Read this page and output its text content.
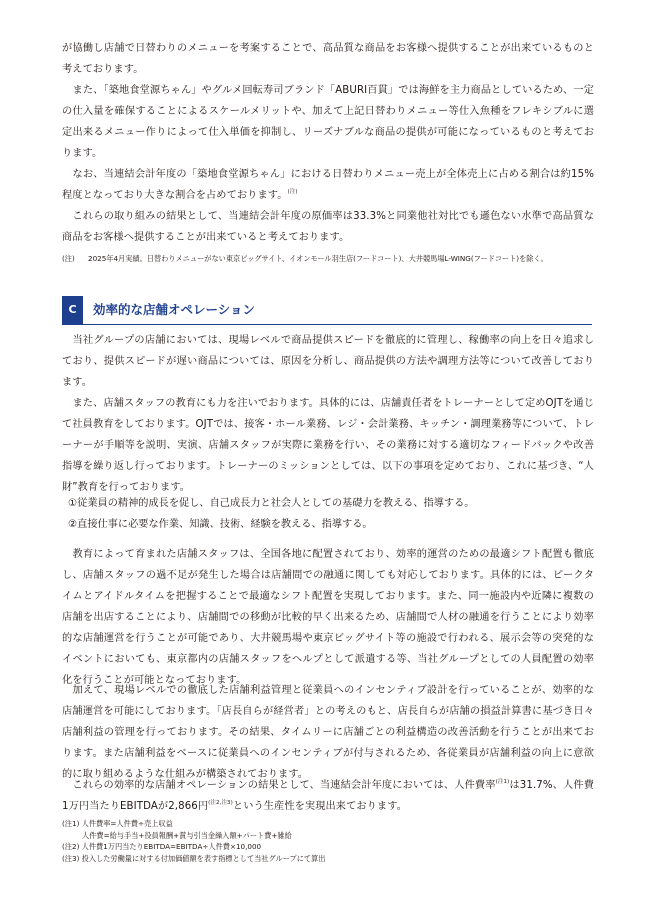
が協働し店舗で日替わりのメニューを考案することで、高品質な商品をお客様へ提供することが出来ているものと考えております。

また、「築地食堂源ちゃん」やグルメ回転寿司ブランド「ABURI百貫」では海鮮を主力商品としているため、一定の仕入量を確保することによるスケールメリットや、加えて上記日替わりメニュー等仕入魚種をフレキシブルに選定出来るメニュー作りによって仕入単価を抑制し、リーズナブルな商品の提供が可能になっているものと考えております。

なお、当連結会計年度の「築地食堂源ちゃん」における日替わりメニュー売上が全体売上に占める割合は約15%程度となっており大きな割合を占めております。$^{(注)}$

これらの取り組みの結果として、当連結会計年度の原価率は33.3%と同業他社対比でも遜色ない水準で高品質な商品をお客様へ提供することが出来ていると考えております。

(注) 2025年4月実績。日替わりメニューがない東京ビッグサイト、イオンモール羽生店(フードコート)、大井競馬場L-WING(フードコート)を除く。
C	効率的な店舗オペレーション

当社グループの店舗においては、現場レベルで商品提供スピードを徹底的に管理し、稼働率の向上を日々追求しており、提供スピードが遅い商品については、原因を分析し、商品提供の方法や調理方法等について改善しております。

また、店舗スタッフの教育にも力を注いでおります。具体的には、店舗責任者をトレーナーとして定めOJTを通じて社員教育をしております。OJTでは、接客・ホール業務、レジ・会計業務、キッチン・調理業務等について、トレーナーが手順等を説明、実演、店舗スタッフが実際に業務を行い、その業務に対する適切なフィードバックや改善指導を繰り返し行っております。トレーナーのミッションとしては、以下の事項を定めており、これに基づき、“人財”教育を行っております。

①従業員の精神的成長を促し、自己成長力と社会人としての基礎力を教える、指導する。
②直接仕事に必要な作業、知識、技術、経験を教える、指導する。

教育によって育まれた店舗スタッフは、全国各地に配置されており、効率的運営のための最適シフト配置も徹底し、店舗スタッフの過不足が発生した場合は店舗間での融通に関しても対応しております。具体的には、ピークタイムとアイドルタイムを把握することで最適なシフト配置を実現しております。また、同一施設内や近隣に複数の店舗を出店することにより、店舗間での移動が比較的早く出来るため、店舗間で人材の融通を行うことにより効率的な店舗運営を行うことが可能であり、大井競馬場や東京ビッグサイト等の施設で行われる、展示会等の突発的なイベントにおいても、東京都内の店舗スタッフをヘルプとして派遣する等、当社グループとしての人員配置の効率化を行うことが可能となっております。

加えて、現場レベルでの徹底した店舗利益管理と従業員へのインセンティブ設計を行っていることが、効率的な店舗運営を可能にしております。「店長自らが経営者」との考えのもと、店長自らが店舗の損益計算書に基づき日々店舗利益の管理を行っております。その結果、タイムリーに店舗ごとの利益構造の改善活動を行うことが出来ております。また店舗利益をベースに従業員へのインセンティブが付与されるため、各従業員が店舗利益の向上に意欲的に取り組めるような仕組みが構築されております。

これらの効率的な店舗オペレーションの結果として、当連結会計年度においては、人件費率$^{(注1)}$は31.7%、人件費1万円当たりEBITDAが2,866円$^{(注2,注3)}$という生産性を実現出来ております。

(注1) 人件費率=人件費÷売上収益
人件費=給与手当+役員報酬+賞与引当金繰入額+パート費+雑給
(注2) 人件費1万円当たりEBITDA=EBITDA÷人件費×10,000
(注3) 投入した労働量に対する付加価値額を表す指標として当社グループにて算出
